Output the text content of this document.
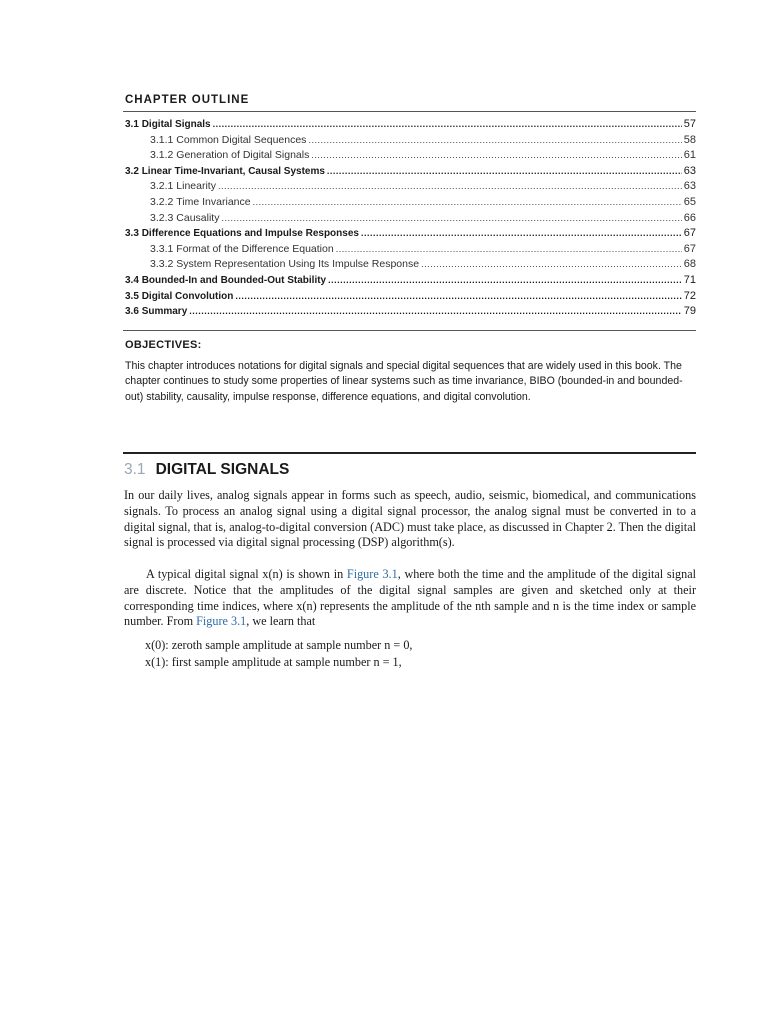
CHAPTER OUTLINE
3.1 Digital Signals .....	57
3.1.1 Common Digital Sequences .....	58
3.1.2 Generation of Digital Signals .....	61
3.2 Linear Time-Invariant, Causal Systems .....	63
3.2.1 Linearity .....	63
3.2.2 Time Invariance .....	65
3.2.3 Causality .....	66
3.3 Difference Equations and Impulse Responses .....	67
3.3.1 Format of the Difference Equation .....	67
3.3.2 System Representation Using Its Impulse Response .....	68
3.4 Bounded-In and Bounded-Out Stability .....	71
3.5 Digital Convolution .....	72
3.6 Summary .....	79
OBJECTIVES:

This chapter introduces notations for digital signals and special digital sequences that are widely used in this book. The chapter continues to study some properties of linear systems such as time invariance, BIBO (bounded-in and bounded-out) stability, causality, impulse response, difference equations, and digital convolution.

3.1 DIGITAL SIGNALS

In our daily lives, analog signals appear in forms such as speech, audio, seismic, biomedical, and communications signals. To process an analog signal using a digital signal processor, the analog signal must be converted in to a digital signal, that is, analog-to-digital conversion (ADC) must take place, as discussed in Chapter 2. Then the digital signal is processed via digital signal processing (DSP) algorithm(s).

A typical digital signal x(n) is shown in Figure 3.1, where both the time and the amplitude of the digital signal are discrete. Notice that the amplitudes of the digital signal samples are given and sketched only at their corresponding time indices, where x(n) represents the amplitude of the nth sample and n is the time index or sample number. From Figure 3.1, we learn that

x(0): zeroth sample amplitude at sample number n = 0,
x(1): first sample amplitude at sample number n = 1,
